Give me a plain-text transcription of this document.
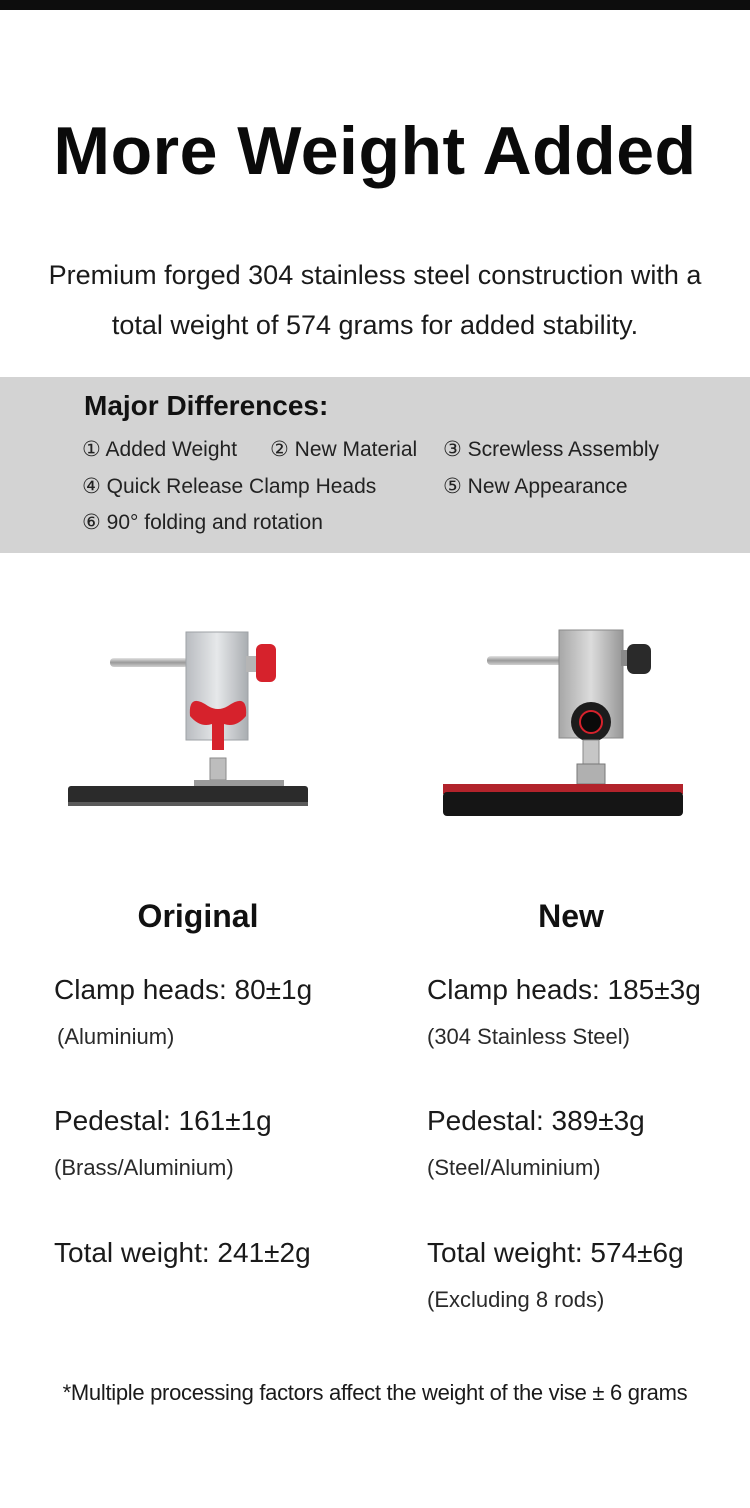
More Weight Added
Premium forged 304 stainless steel construction with a
total weight of 574 grams for added stability.
Major Differences:
① Added Weight ② New Material ③ Screwless Assembly
④ Quick Release Clamp Heads	⑤ New Appearance
⑥ 90° folding and rotation
Original	New
Clamp heads: 80±1g
(Aluminium)
Pedestal: 161±1g
(Brass/Aluminium)
Total weight: 241±2g
Clamp heads: 185±3g
(304 Stainless Steel)
Pedestal: 389±3g
(Steel/Aluminium)
Total weight: 574±6g
(Excluding 8 rods)
*Multiple processing factors affect the weight of the vise ± 6 grams
